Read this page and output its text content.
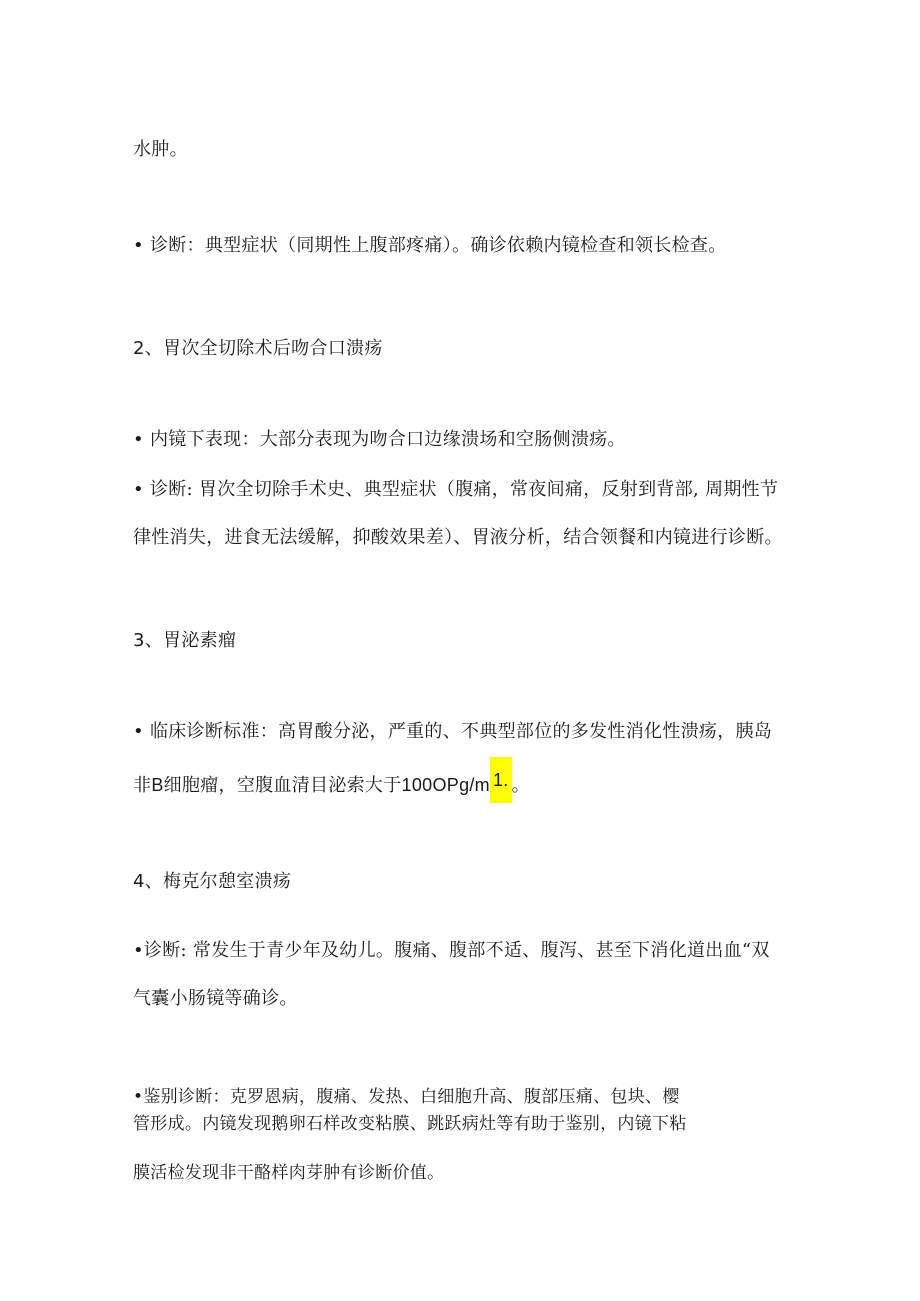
水肿。
• 诊断：典型症状（同期性上腹部疼痛）。确诊依赖内镜检查和领长检查。
2、胃次全切除术后吻合口溃疡
• 内镜下表现：大部分表现为吻合口边缘溃场和空肠侧溃疡。
• 诊断: 胃次全切除手术史、典型症状（腹痛，常夜间痛，反射到背部, 周期性节
律性消失，进食无法缓解，抑酸效果差）、胃液分析，结合领餐和内镜进行诊断。
3、胃泌素瘤
• 临床诊断标准：高胃酸分泌，严重的、不典型部位的多发性消化性溃疡，胰岛
非B细胞瘤，空腹血清目泌索大于100OPg/m 1. 。
4、梅克尔憩室溃疡
•诊断: 常发生于青少年及幼儿。腹痛、腹部不适、腹泻、甚至下消化道出血“双
气囊小肠镜等确诊。
•鉴别诊断：克罗恩病，腹痛、发热、白细胞升高、腹部压痛、包块、樱
管形成。内镜发现鹅卵石样改变粘膜、跳跃病灶等有助于鉴别，内镜下粘
膜活检发现非干酪样肉芽肿有诊断价值。
